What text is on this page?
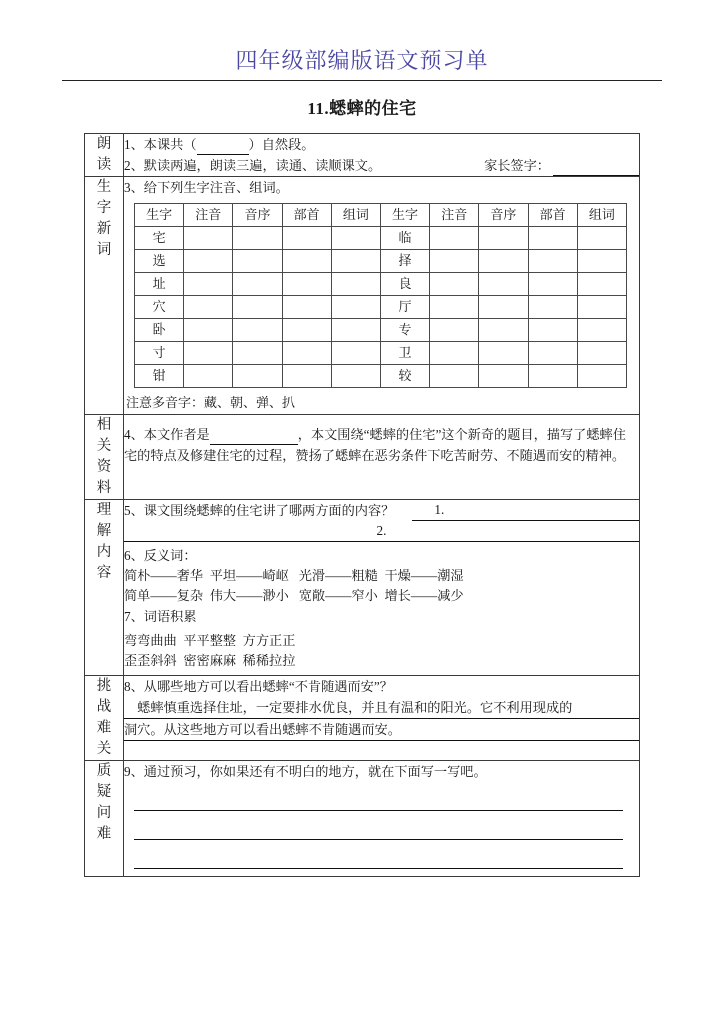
四年级部编版语文预习单
11.蟋蟀的住宅
朗
读

1、本课共（	）自然段。
2、默读两遍，朗读三遍，读通、读顺课文。	家长签字：

生
字
新
词

3、给下列生字注音、组词。
生字	注音	音序	部首	组词	生字	注音	音序	部首	组词
宅					临				
选					择				
址					良				
穴					厅				
卧					专				
寸					卫				
钳					较				
注意多音字：藏、朝、弹、扒

相
关
资
料

4、本文作者是	，本文围绕“蟋蟀的住宅”这个新奇的题目，描写了蟋蟀住宅的特点及修建住宅的过程，赞扬了蟋蟀在恶劣条件下吃苦耐劳、不随遇而安的精神。

理
解
内
容

5、课文围绕蟋蟀的住宅讲了哪两方面的内容？	1.
2.
6、反义词：
简朴——奢华  平坦——崎岖   光滑——粗糙  干燥——潮湿
简单——复杂  伟大——渺小   宽敞——窄小  增长——减少
7、词语积累
弯弯曲曲  平平整整  方方正正
歪歪斜斜  密密麻麻  稀稀拉拉

挑
战
难
关

8、从哪些地方可以看出蟋蟀“不肯随遇而安”？
　蟋蟀慎重选择住址，一定要排水优良，并且有温和的阳光。它不利用现成的
洞穴。从这些地方可以看出蟋蟀不肯随遇而安。

质
疑
问
难

9、通过预习，你如果还有不明白的地方，就在下面写一写吧。
